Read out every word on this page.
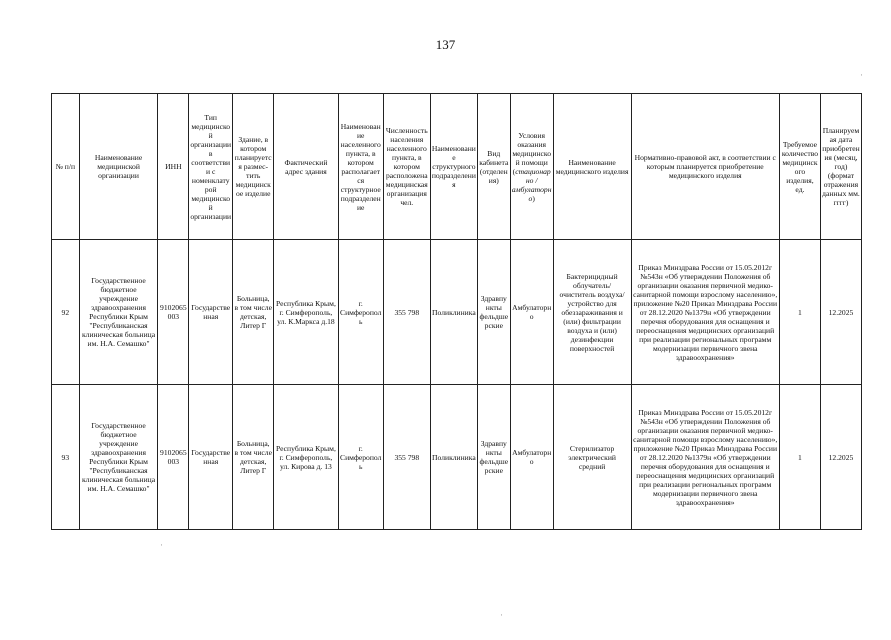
137
№ п/п	Наименование медицинской организации	ИНН	Тип медицинской организации в соответствии с номенклатурой медицинской организации	Здание, в котором планируется разместить медицинское изделие	Фактический адрес здания	Наименование населенного пункта, в котором располагается структурное подразделение	Численность населения населенного пункта, в котором расположена медицинская организация чел.	Наименование структурного подразделения	Вид кабинета (отделения)	Условия оказания медицинской помощи (стационарно / амбулаторно)	Наименование медицинского изделия	Нормативно-правовой акт, в соответствии с которым планируется приобретение медицинского изделия	Требуемое количество медицинского изделия, ед.	Планируемая дата приобретения (месяц, год) (формат отражения данных мм. гггг)
92	Государственное бюджетное учреждение здравоохранения Республики Крым "Республиканская клиническая больница им. Н.А. Семашко"	9102065003	Государственная	Больница, в том числе детская, Литер Г	Республика Крым, г. Симферополь, ул. К.Маркса д.18	г. Симферополь	355 798	Поликлиника	Здравпункты фельдшерские	Амбулаторно	Бактерицидный облучатель/ очиститель воздуха/ устройство для обеззараживания и (или) фильтрации воздуха и (или) дезинфекции поверхностей	Приказ Минздрава России от 15.05.2012г №543н «Об утверждении Положения об организации оказания первичной медико-санитарной помощи взрослому населению», приложение №20 Приказ Минздрава России от 28.12.2020 №1379н «Об утверждении перечня оборудования для оснащения и переоснащения медицинских организаций при реализации региональных программ модернизации первичного звена здравоохранения»	1	12.2025
93	Государственное бюджетное учреждение здравоохранения Республики Крым "Республиканская клиническая больница им. Н.А. Семашко"	9102065003	Государственная	Больница, в том числе детская, Литер Г	Республика Крым, г. Симферополь, ул. Кирова д. 13	г. Симферополь	355 798	Поликлиника	Здравпункты фельдшерские	Амбулаторно	Стерилизатор электрический средний	Приказ Минздрава России от 15.05.2012г №543н «Об утверждении Положения об организации оказания первичной медико-санитарной помощи взрослому населению», приложение №20 Приказ Минздрава России от 28.12.2020 №1379н «Об утверждении перечня оборудования для оснащения и переоснащения медицинских организаций при реализации региональных программ модернизации первичного звена здравоохранения»	1	12.2025
·
·
·
